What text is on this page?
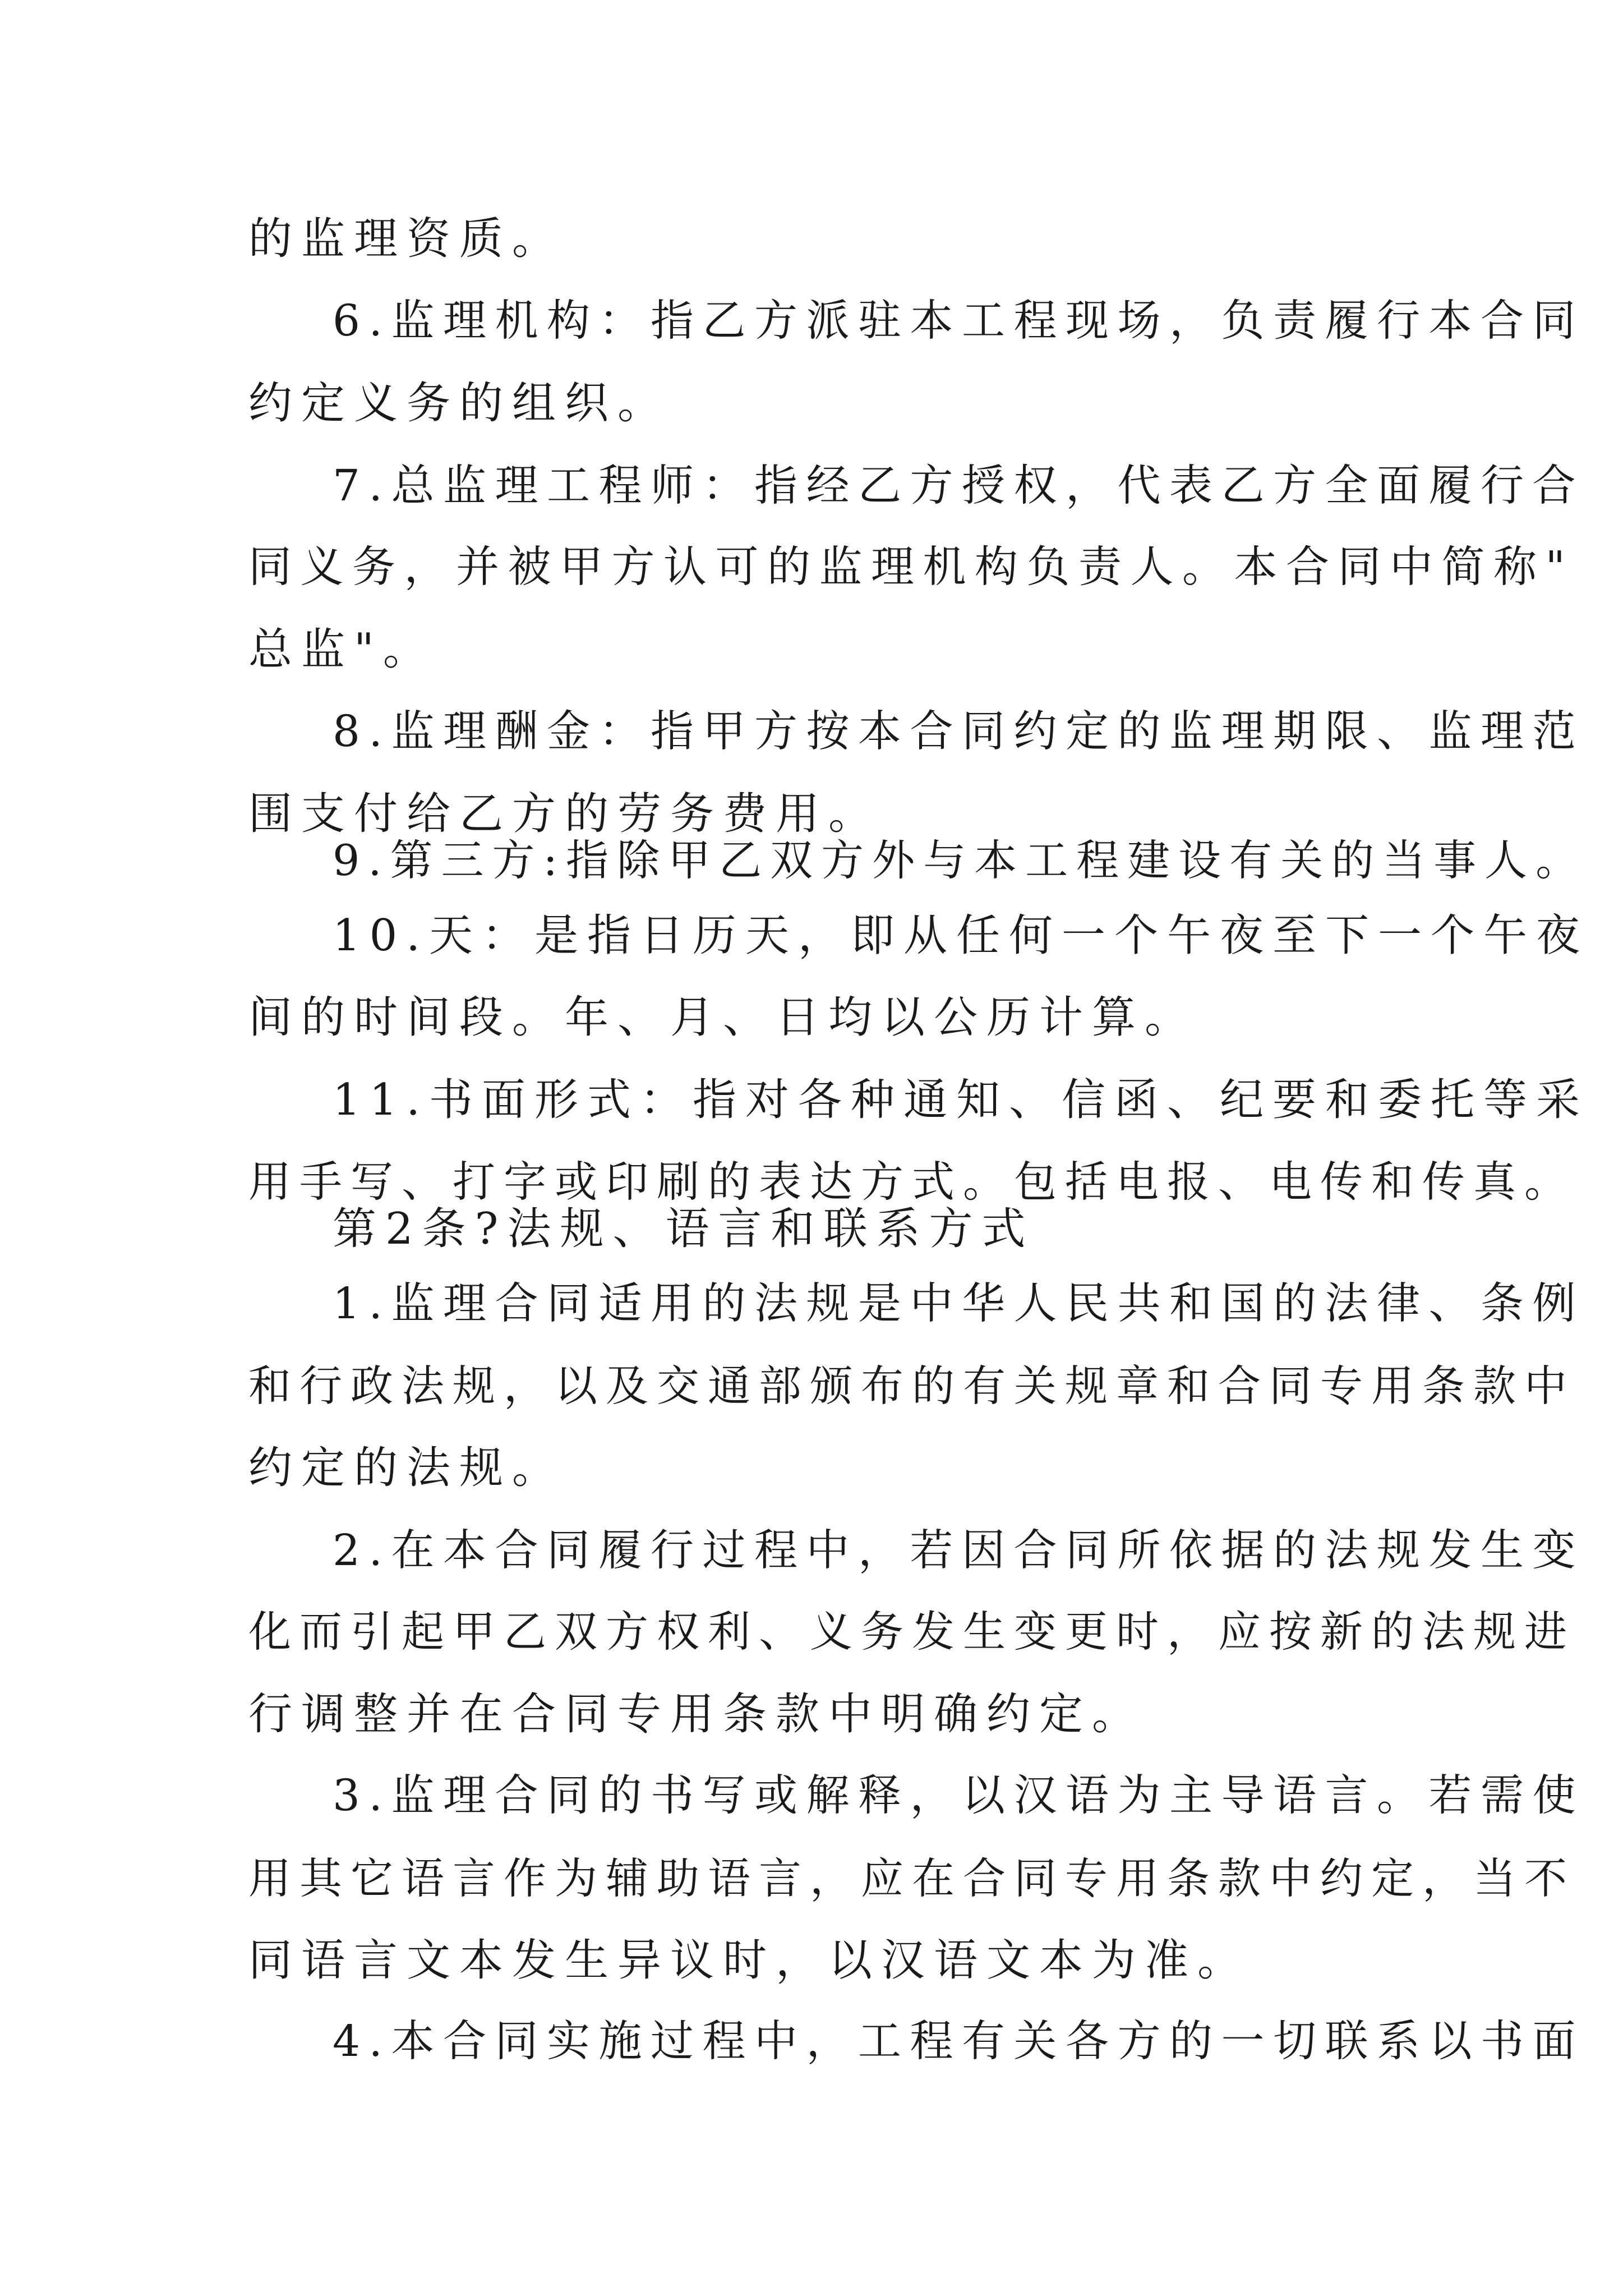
的监理资质。
6.监理机构：指乙方派驻本工程现场，负责履行本合同
约定义务的组织。
7.总监理工程师：指经乙方授权，代表乙方全面履行合
同义务，并被甲方认可的监理机构负责人。本合同中简称"
总监"。
8.监理酬金：指甲方按本合同约定的监理期限、监理范
围支付给乙方的劳务费用。
9.第三方:指除甲乙双方外与本工程建设有关的当事人。
10.天：是指日历天，即从任何一个午夜至下一个午夜
间的时间段。年、月、日均以公历计算。
11.书面形式：指对各种通知、信函、纪要和委托等采
用手写、打字或印刷的表达方式。包括电报、电传和传真。
第2条?法规、语言和联系方式
1.监理合同适用的法规是中华人民共和国的法律、条例
和行政法规，以及交通部颁布的有关规章和合同专用条款中
约定的法规。
2.在本合同履行过程中，若因合同所依据的法规发生变
化而引起甲乙双方权利、义务发生变更时，应按新的法规进
行调整并在合同专用条款中明确约定。
3.监理合同的书写或解释，以汉语为主导语言。若需使
用其它语言作为辅助语言，应在合同专用条款中约定，当不
同语言文本发生异议时，以汉语文本为准。
4.本合同实施过程中，工程有关各方的一切联系以书面
